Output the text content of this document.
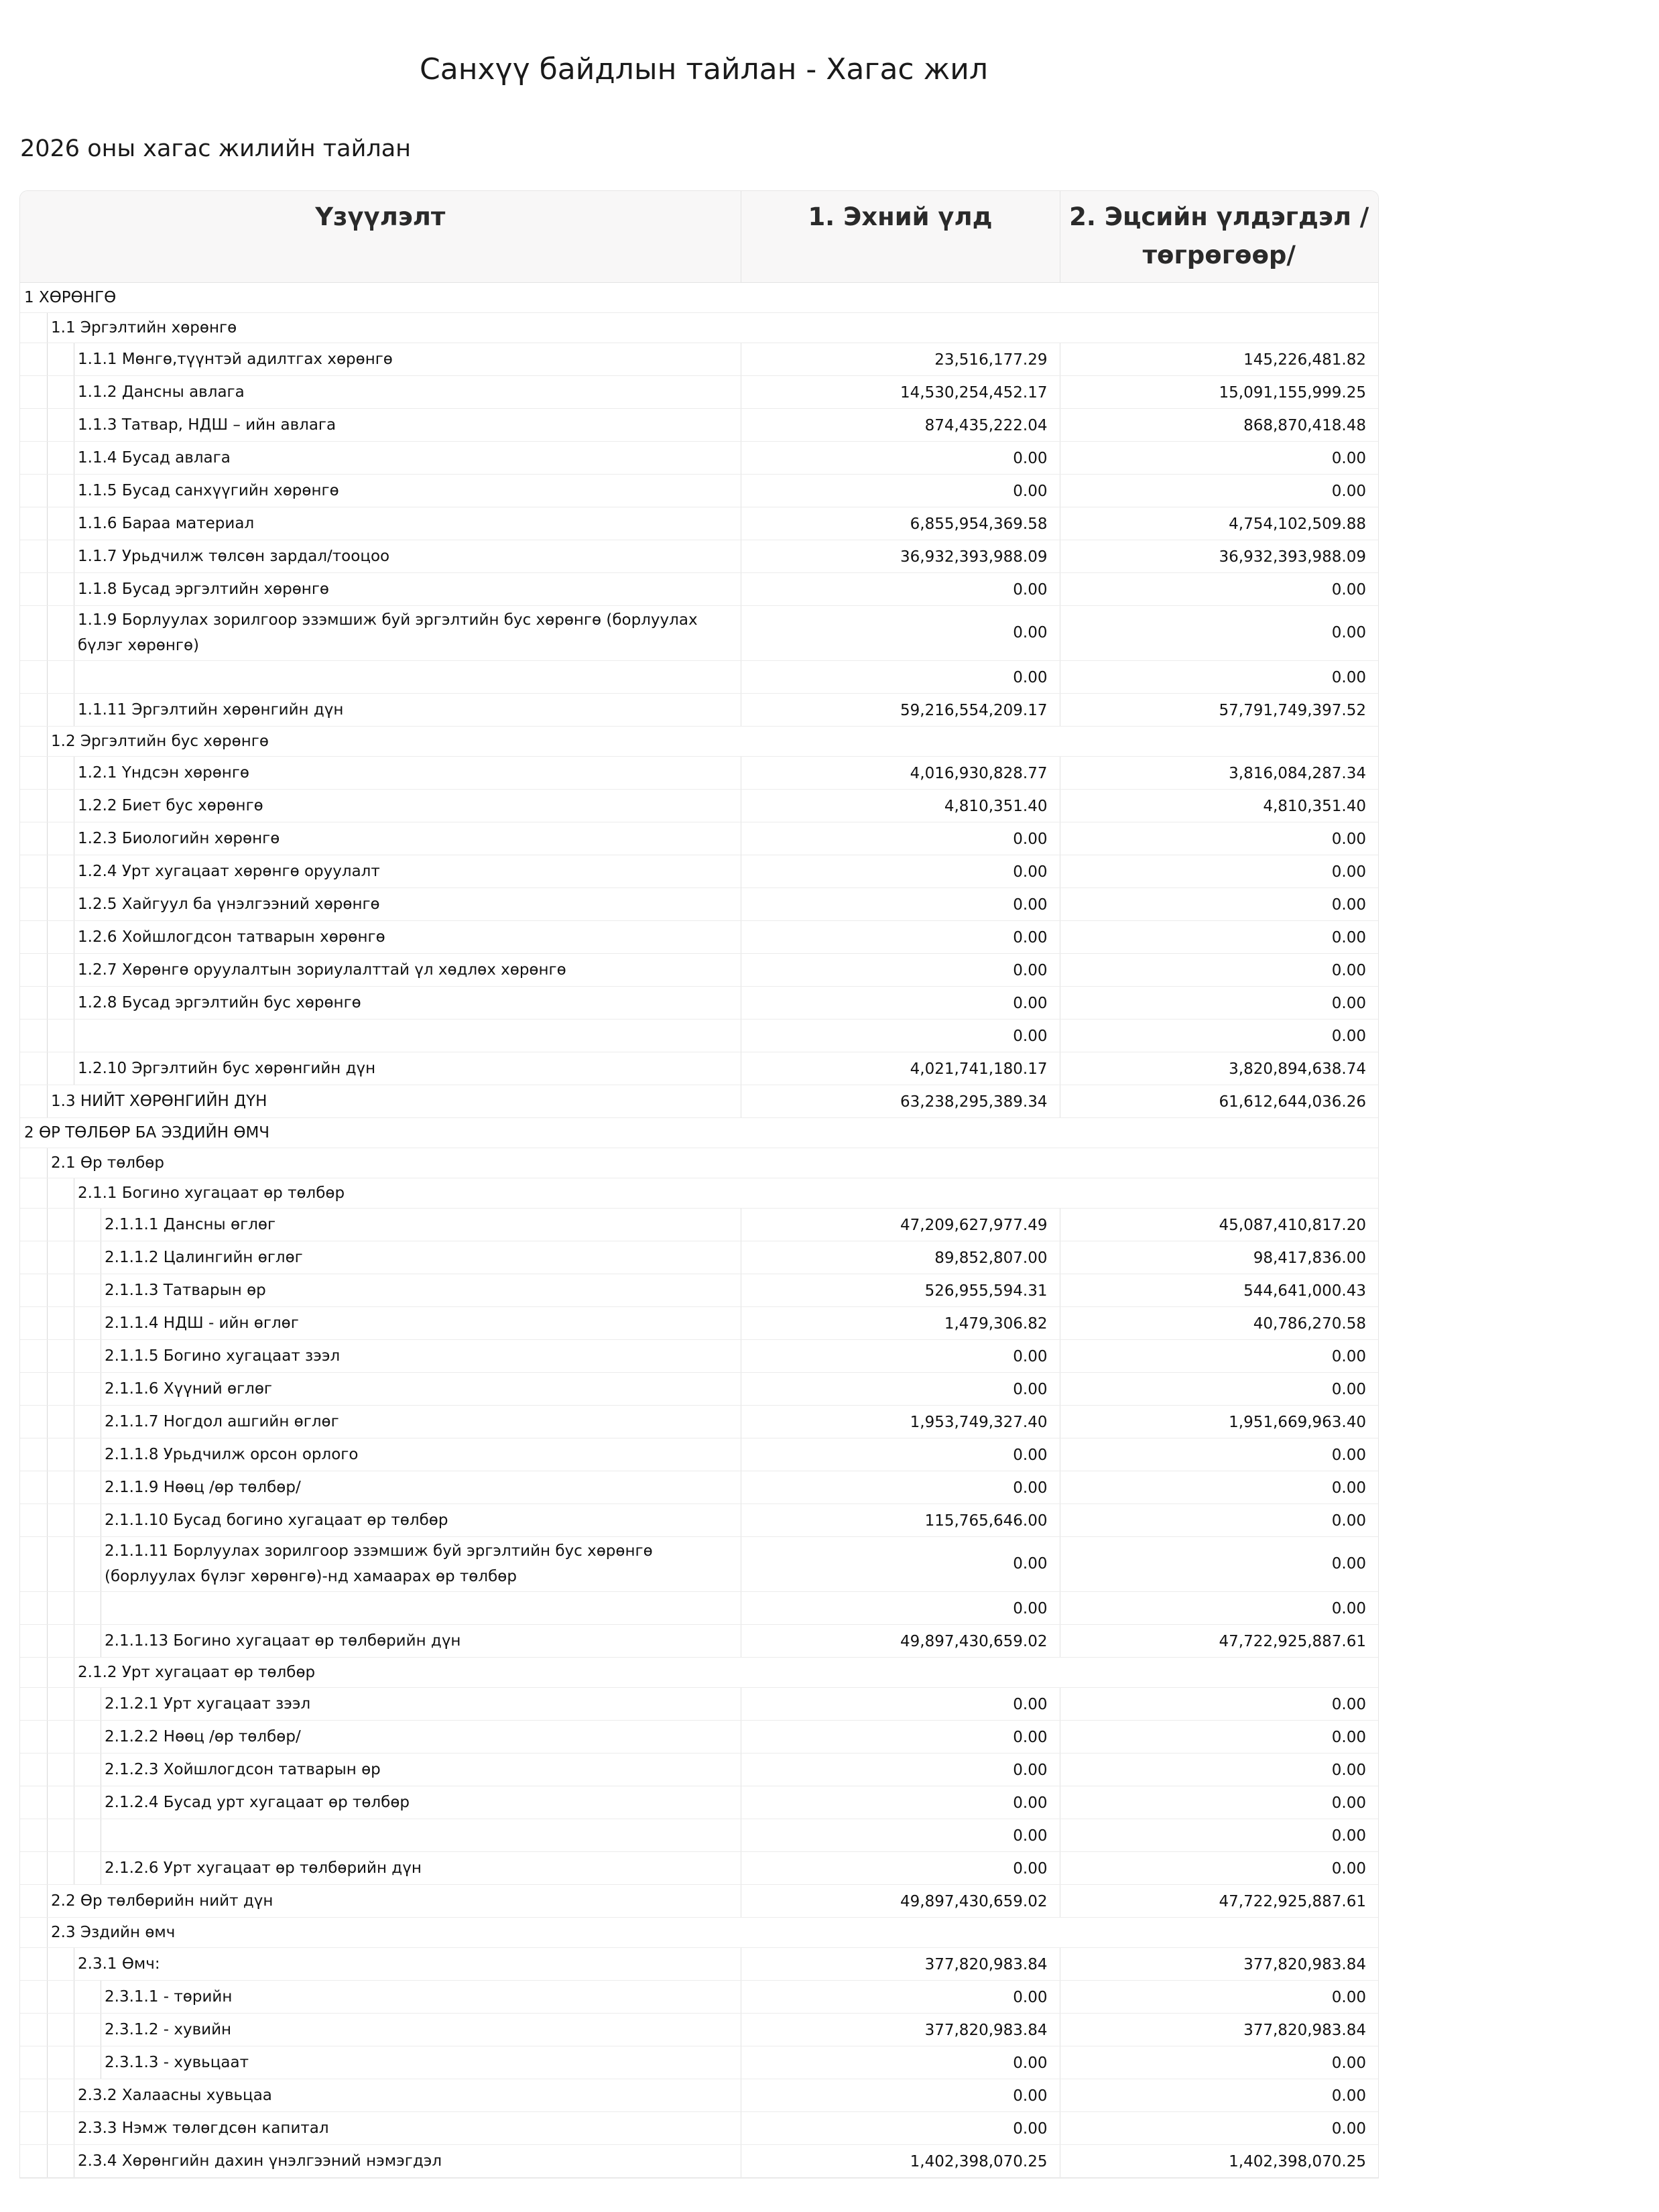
Санхүү байдлын тайлан - Хагас жил
2026 оны хагас жилийн тайлан
Үзүүлэлт	1. Эхний үлд	2. Эцсийн үлдэгдэл / төгрөгөөр/

1 ХӨРӨНГӨ		

1.1 Эргэлтийн хөрөнгө		

1.1.1 Мөнгө,түүнтэй адилтгах хөрөнгө	23,516,177.29	145,226,481.82

1.1.2 Дансны авлага	14,530,254,452.17	15,091,155,999.25

1.1.3 Татвар, НДШ – ийн авлага	874,435,222.04	868,870,418.48

1.1.4 Бусад авлага	0.00	0.00

1.1.5 Бусад санхүүгийн хөрөнгө	0.00	0.00

1.1.6 Бараа материал	6,855,954,369.58	4,754,102,509.88

1.1.7 Урьдчилж төлсөн зардал/тооцоо	36,932,393,988.09	36,932,393,988.09

1.1.8 Бусад эргэлтийн хөрөнгө	0.00	0.00

1.1.9 Борлуулах зорилгоор эзэмшиж буй эргэлтийн бус хөрөнгө (борлуулах бүлэг хөрөнгө)	0.00	0.00

	0.00	0.00

1.1.11 Эргэлтийн хөрөнгийн дүн	59,216,554,209.17	57,791,749,397.52

1.2 Эргэлтийн бус хөрөнгө		

1.2.1 Үндсэн хөрөнгө	4,016,930,828.77	3,816,084,287.34

1.2.2 Биет бус хөрөнгө	4,810,351.40	4,810,351.40

1.2.3 Биологийн хөрөнгө	0.00	0.00

1.2.4 Урт хугацаат хөрөнгө оруулалт	0.00	0.00

1.2.5 Хайгуул ба үнэлгээний хөрөнгө	0.00	0.00

1.2.6 Хойшлогдсон татварын хөрөнгө	0.00	0.00

1.2.7 Хөрөнгө оруулалтын зориулалттай үл хөдлөх хөрөнгө	0.00	0.00

1.2.8 Бусад эргэлтийн бус хөрөнгө	0.00	0.00

	0.00	0.00

1.2.10 Эргэлтийн бус хөрөнгийн дүн	4,021,741,180.17	3,820,894,638.74

1.3 НИЙТ ХӨРӨНГИЙН ДҮН	63,238,295,389.34	61,612,644,036.26

2 ӨР ТӨЛБӨР БА ЭЗДИЙН ӨМЧ		

2.1 Өр төлбөр		

2.1.1 Богино хугацаат өр төлбөр		

2.1.1.1 Дансны өглөг	47,209,627,977.49	45,087,410,817.20

2.1.1.2 Цалингийн өглөг	89,852,807.00	98,417,836.00

2.1.1.3 Татварын өр	526,955,594.31	544,641,000.43

2.1.1.4 НДШ - ийн өглөг	1,479,306.82	40,786,270.58

2.1.1.5 Богино хугацаат зээл	0.00	0.00

2.1.1.6 Хүүний өглөг	0.00	0.00

2.1.1.7 Ногдол ашгийн өглөг	1,953,749,327.40	1,951,669,963.40

2.1.1.8 Урьдчилж орсон орлого	0.00	0.00

2.1.1.9 Нөөц /өр төлбөр/	0.00	0.00

2.1.1.10 Бусад богино хугацаат өр төлбөр	115,765,646.00	0.00

2.1.1.11 Борлуулах зорилгоор эзэмшиж буй эргэлтийн бус хөрөнгө (борлуулах бүлэг хөрөнгө)-нд хамаарах өр төлбөр	0.00	0.00

	0.00	0.00

2.1.1.13 Богино хугацаат өр төлбөрийн дүн	49,897,430,659.02	47,722,925,887.61

2.1.2 Урт хугацаат өр төлбөр		

2.1.2.1 Урт хугацаат зээл	0.00	0.00

2.1.2.2 Нөөц /өр төлбөр/	0.00	0.00

2.1.2.3 Хойшлогдсон татварын өр	0.00	0.00

2.1.2.4 Бусад урт хугацаат өр төлбөр	0.00	0.00

	0.00	0.00

2.1.2.6 Урт хугацаат өр төлбөрийн дүн	0.00	0.00

2.2 Өр төлбөрийн нийт дүн	49,897,430,659.02	47,722,925,887.61

2.3 Эздийн өмч		

2.3.1 Өмч:	377,820,983.84	377,820,983.84

2.3.1.1 - төрийн	0.00	0.00

2.3.1.2 - хувийн	377,820,983.84	377,820,983.84

2.3.1.3 - хувьцаат	0.00	0.00

2.3.2 Халаасны хувьцаа	0.00	0.00

2.3.3 Нэмж төлөгдсөн капитал	0.00	0.00

2.3.4 Хөрөнгийн дахин үнэлгээний нэмэгдэл	1,402,398,070.25	1,402,398,070.25
